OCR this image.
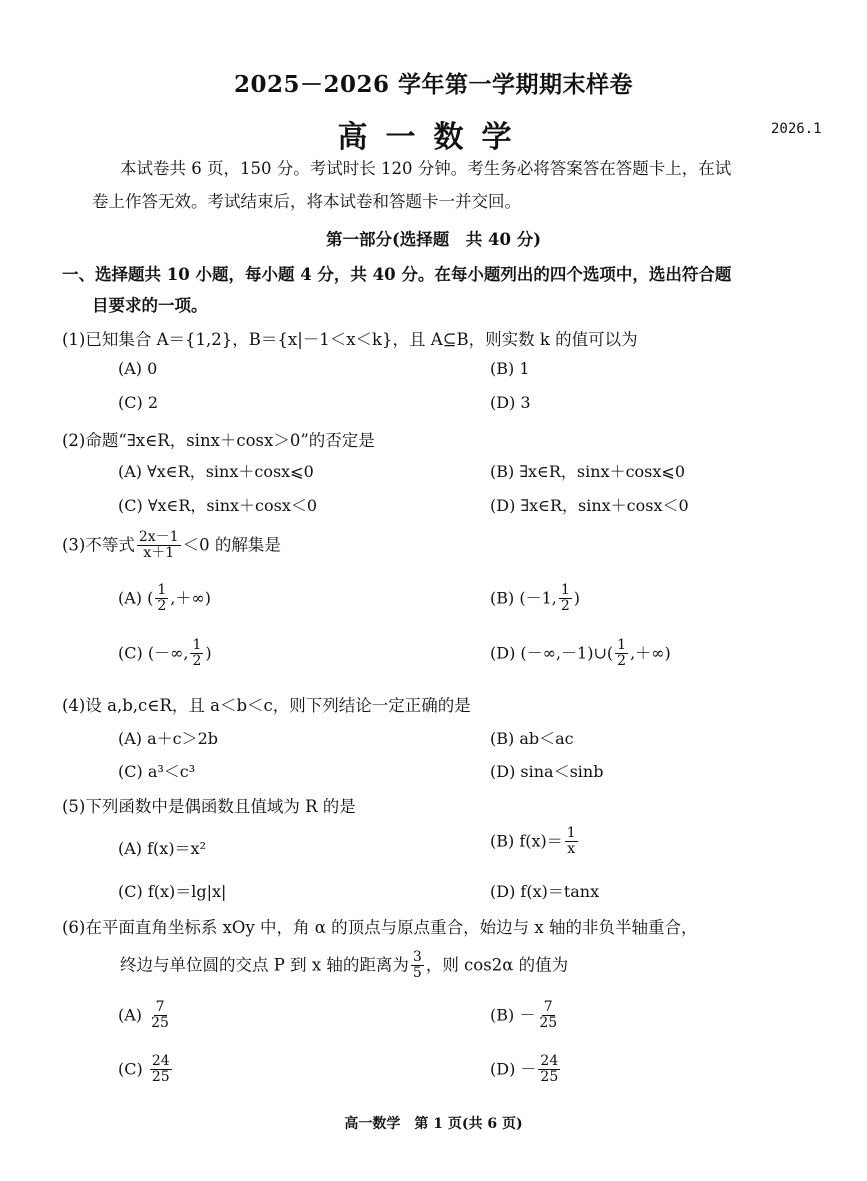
2025－2026 学年第一学期期末样卷
高一数学	2026.1
本试卷共 6 页，150 分。考试时长 120 分钟。考生务必将答案答在答题卡上，在试
卷上作答无效。考试结束后，将本试卷和答题卡一并交回。
第一部分(选择题　共 40 分)
一、选择题共 10 小题，每小题 4 分，共 40 分。在每小题列出的四个选项中，选出符合题
目要求的一项。
(1)已知集合 A＝{1,2}，B＝{x|－1＜x＜k}，且 A⊆B，则实数 k 的值可以为
(A) 0	(B) 1
(C) 2	(D) 3
(2)命题“∃x∈R，sinx＋cosx＞0”的否定是
(A) ∀x∈R，sinx＋cosx⩽0	(B) ∃x∈R，sinx＋cosx⩽0
(C) ∀x∈R，sinx＋cosx＜0	(D) ∃x∈R，sinx＋cosx＜0
(3)不等式 $\frac{2x-1}{x+1} <0$ 的解集是
(A) ( $\frac{1}{2}$ ,＋∞)	(B) (－1, $\frac{1}{2}$ )
(C) (－∞, $\frac{1}{2}$ )	(D) (－∞,－1)∪( $\frac{1}{2}$ ,＋∞)
(4)设 a,b,c∈R，且 a＜b＜c，则下列结论一定正确的是
(A) a＋c＞2b	(B) ab＜ac
(C) a³＜c³	(D) sina＜sinb
(5)下列函数中是偶函数且值域为 R 的是
(A) f(x)＝x²	(B) $f(x)= \frac{1}{x}$
(C) f(x)＝lg|x|	(D) f(x)＝tanx
(6)在平面直角坐标系 xOy 中，角 α 的顶点与原点重合，始边与 x 轴的非负半轴重合，
终边与单位圆的交点 P 到 x 轴的距离为 $\frac{3}{5}$ ，则 cos2α 的值为
$(A) \frac{7}{25}$	$(B) - \frac{7}{25}$
$(C) \frac{24}{25}$	$(D) - \frac{24}{25}$
高一数学　第 1 页(共 6 页)
